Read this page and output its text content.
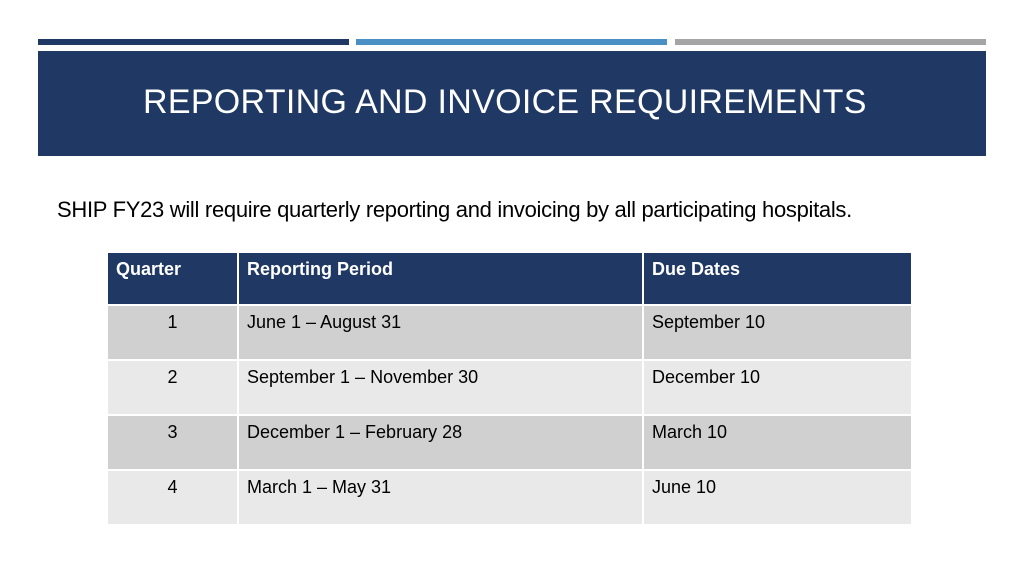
REPORTING AND INVOICE REQUIREMENTS

SHIP FY23 will require quarterly reporting and invoicing by all participating hospitals.

Quarter	Reporting Period	Due Dates
1	June 1 – August 31	September 10
2	September 1 – November 30	December 10
3	December 1 – February 28	March 10
4	March 1 – May 31	June 10
